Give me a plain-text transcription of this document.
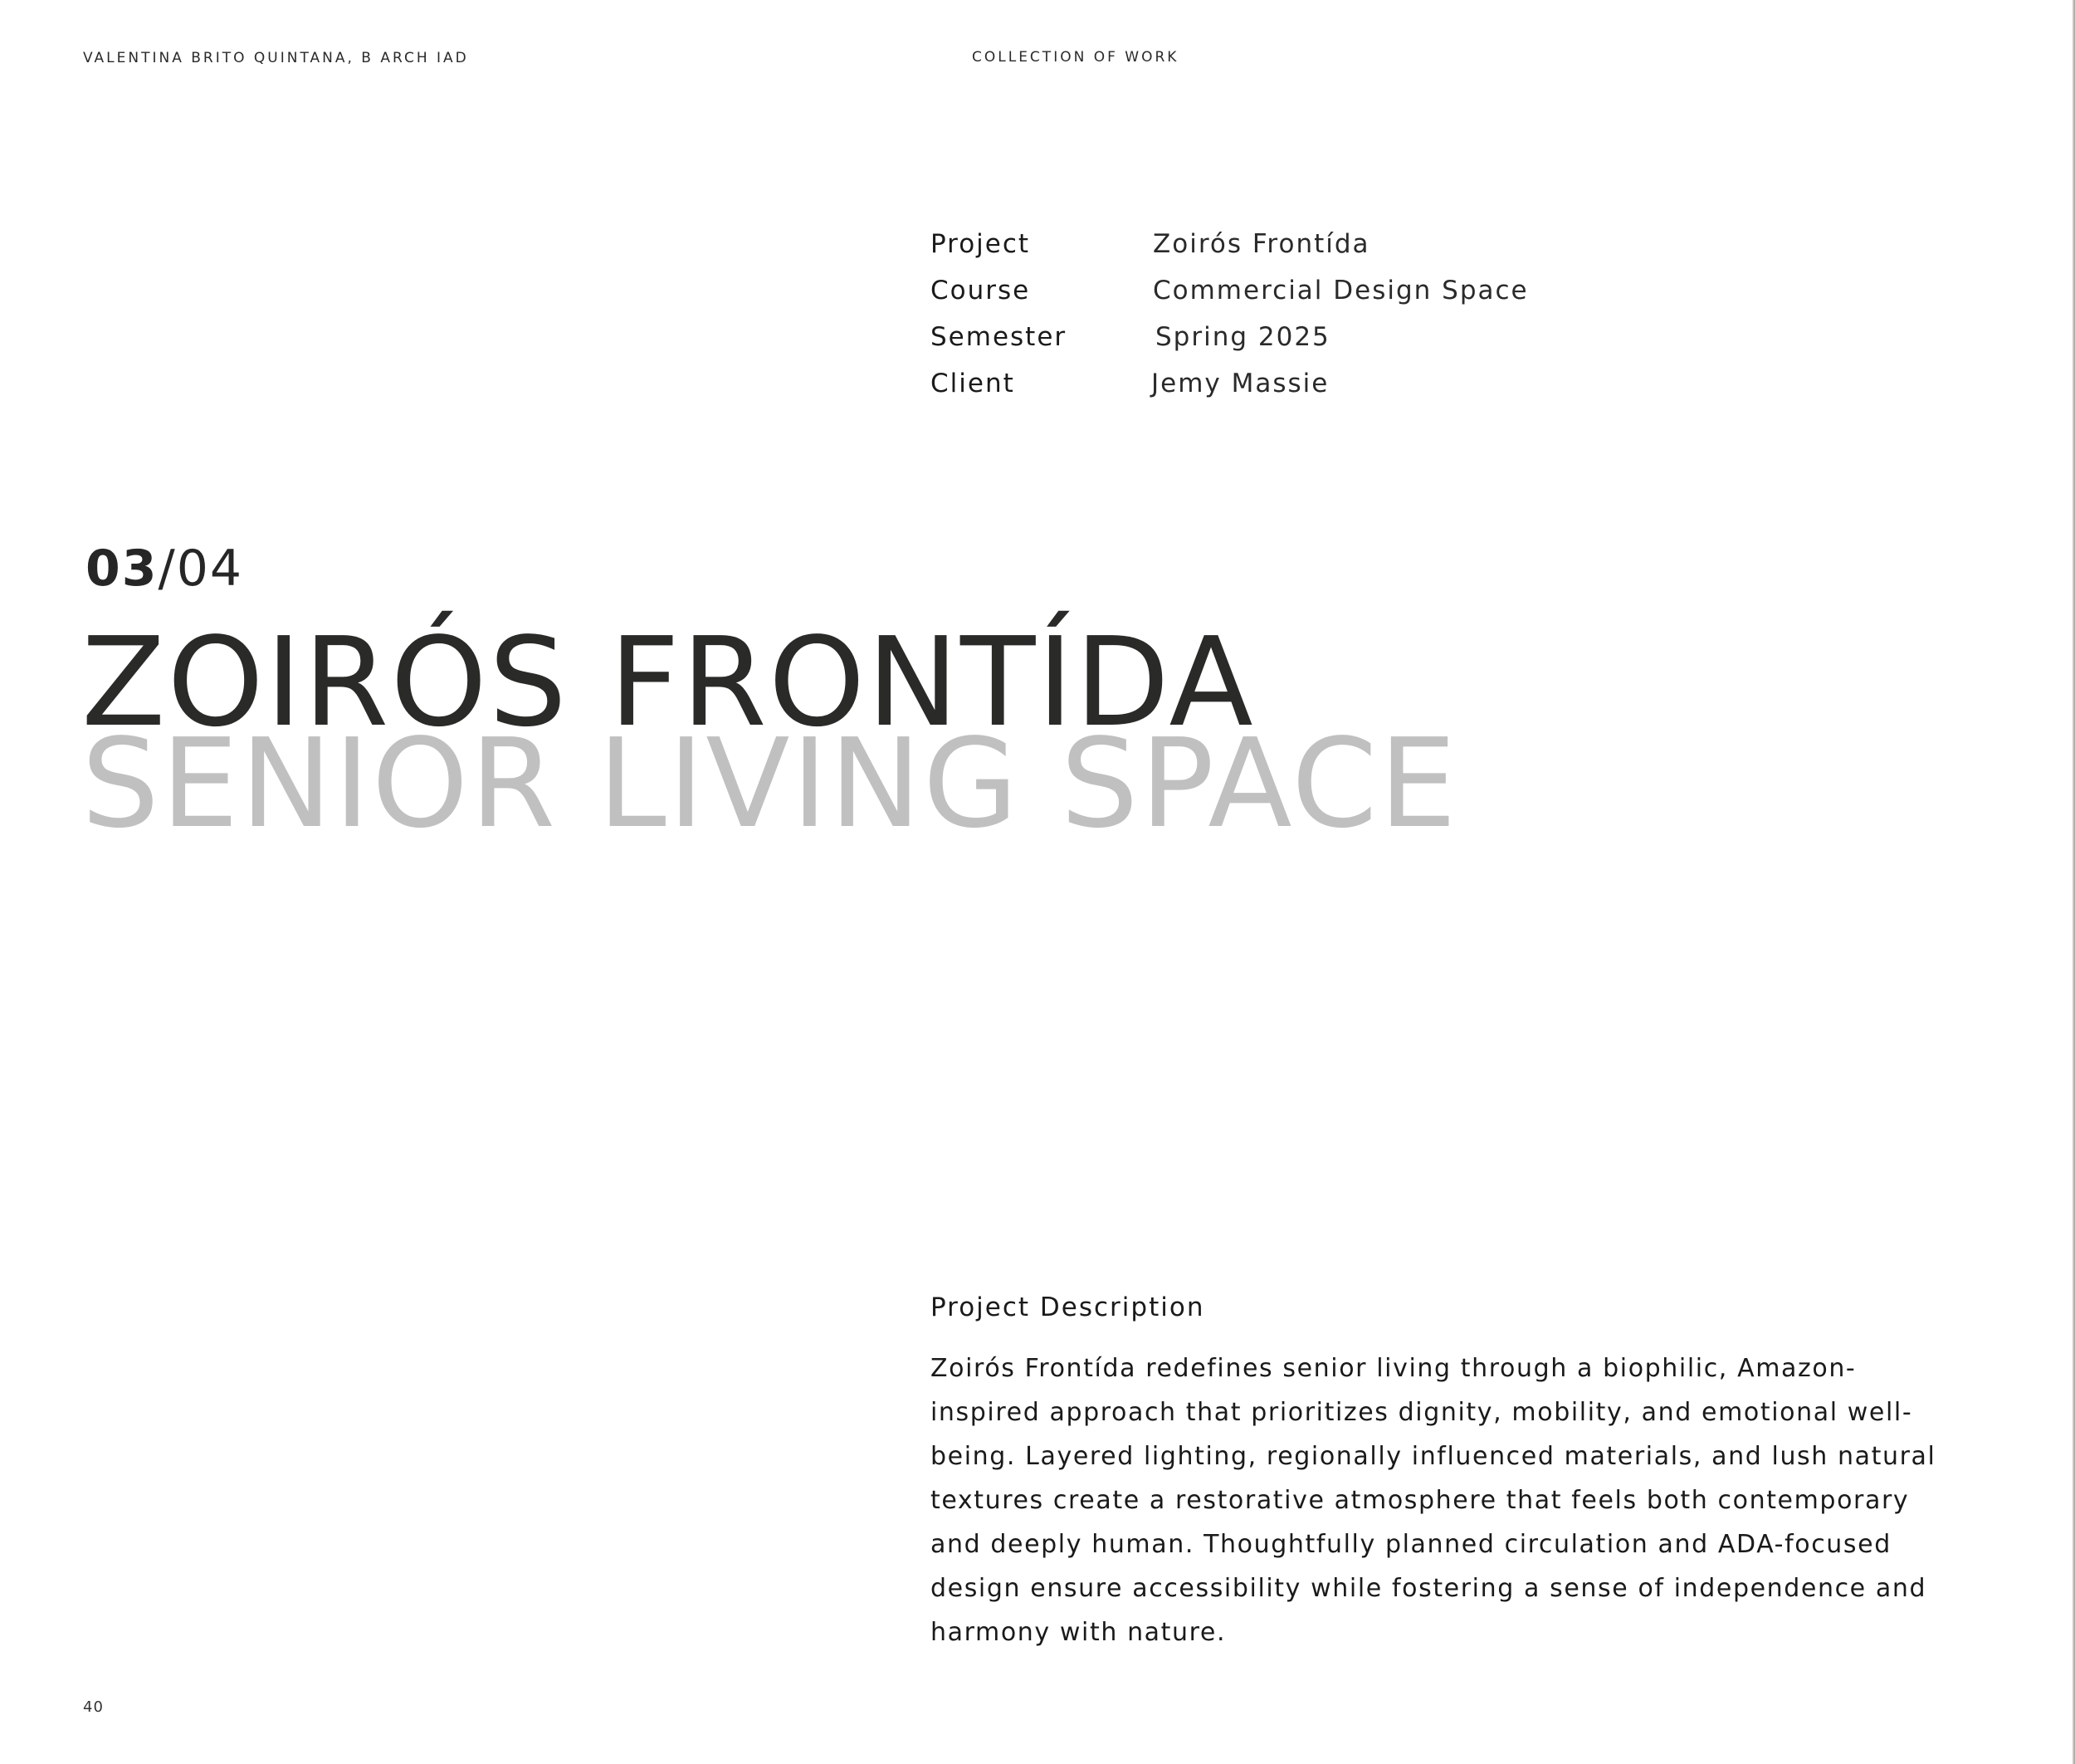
VALENTINA BRITO QUINTANA, B ARCH IAD	COLLECTION OF WORK
Project	Zoirós Frontída
Course	Commercial Design Space
Semester	Spring 2025
Client	Jemy Massie
03/04
ZOIRÓS FRONTÍDA
SENIOR LIVING SPACE
Project Description
Zoirós Frontída redefines senior living through a biophilic, Amazon-
inspired approach that prioritizes dignity, mobility, and emotional well-
being. Layered lighting, regionally influenced materials, and lush natural
textures create a restorative atmosphere that feels both contemporary
and deeply human. Thoughtfully planned circulation and ADA-focused
design ensure accessibility while fostering a sense of independence and
harmony with nature.
40
